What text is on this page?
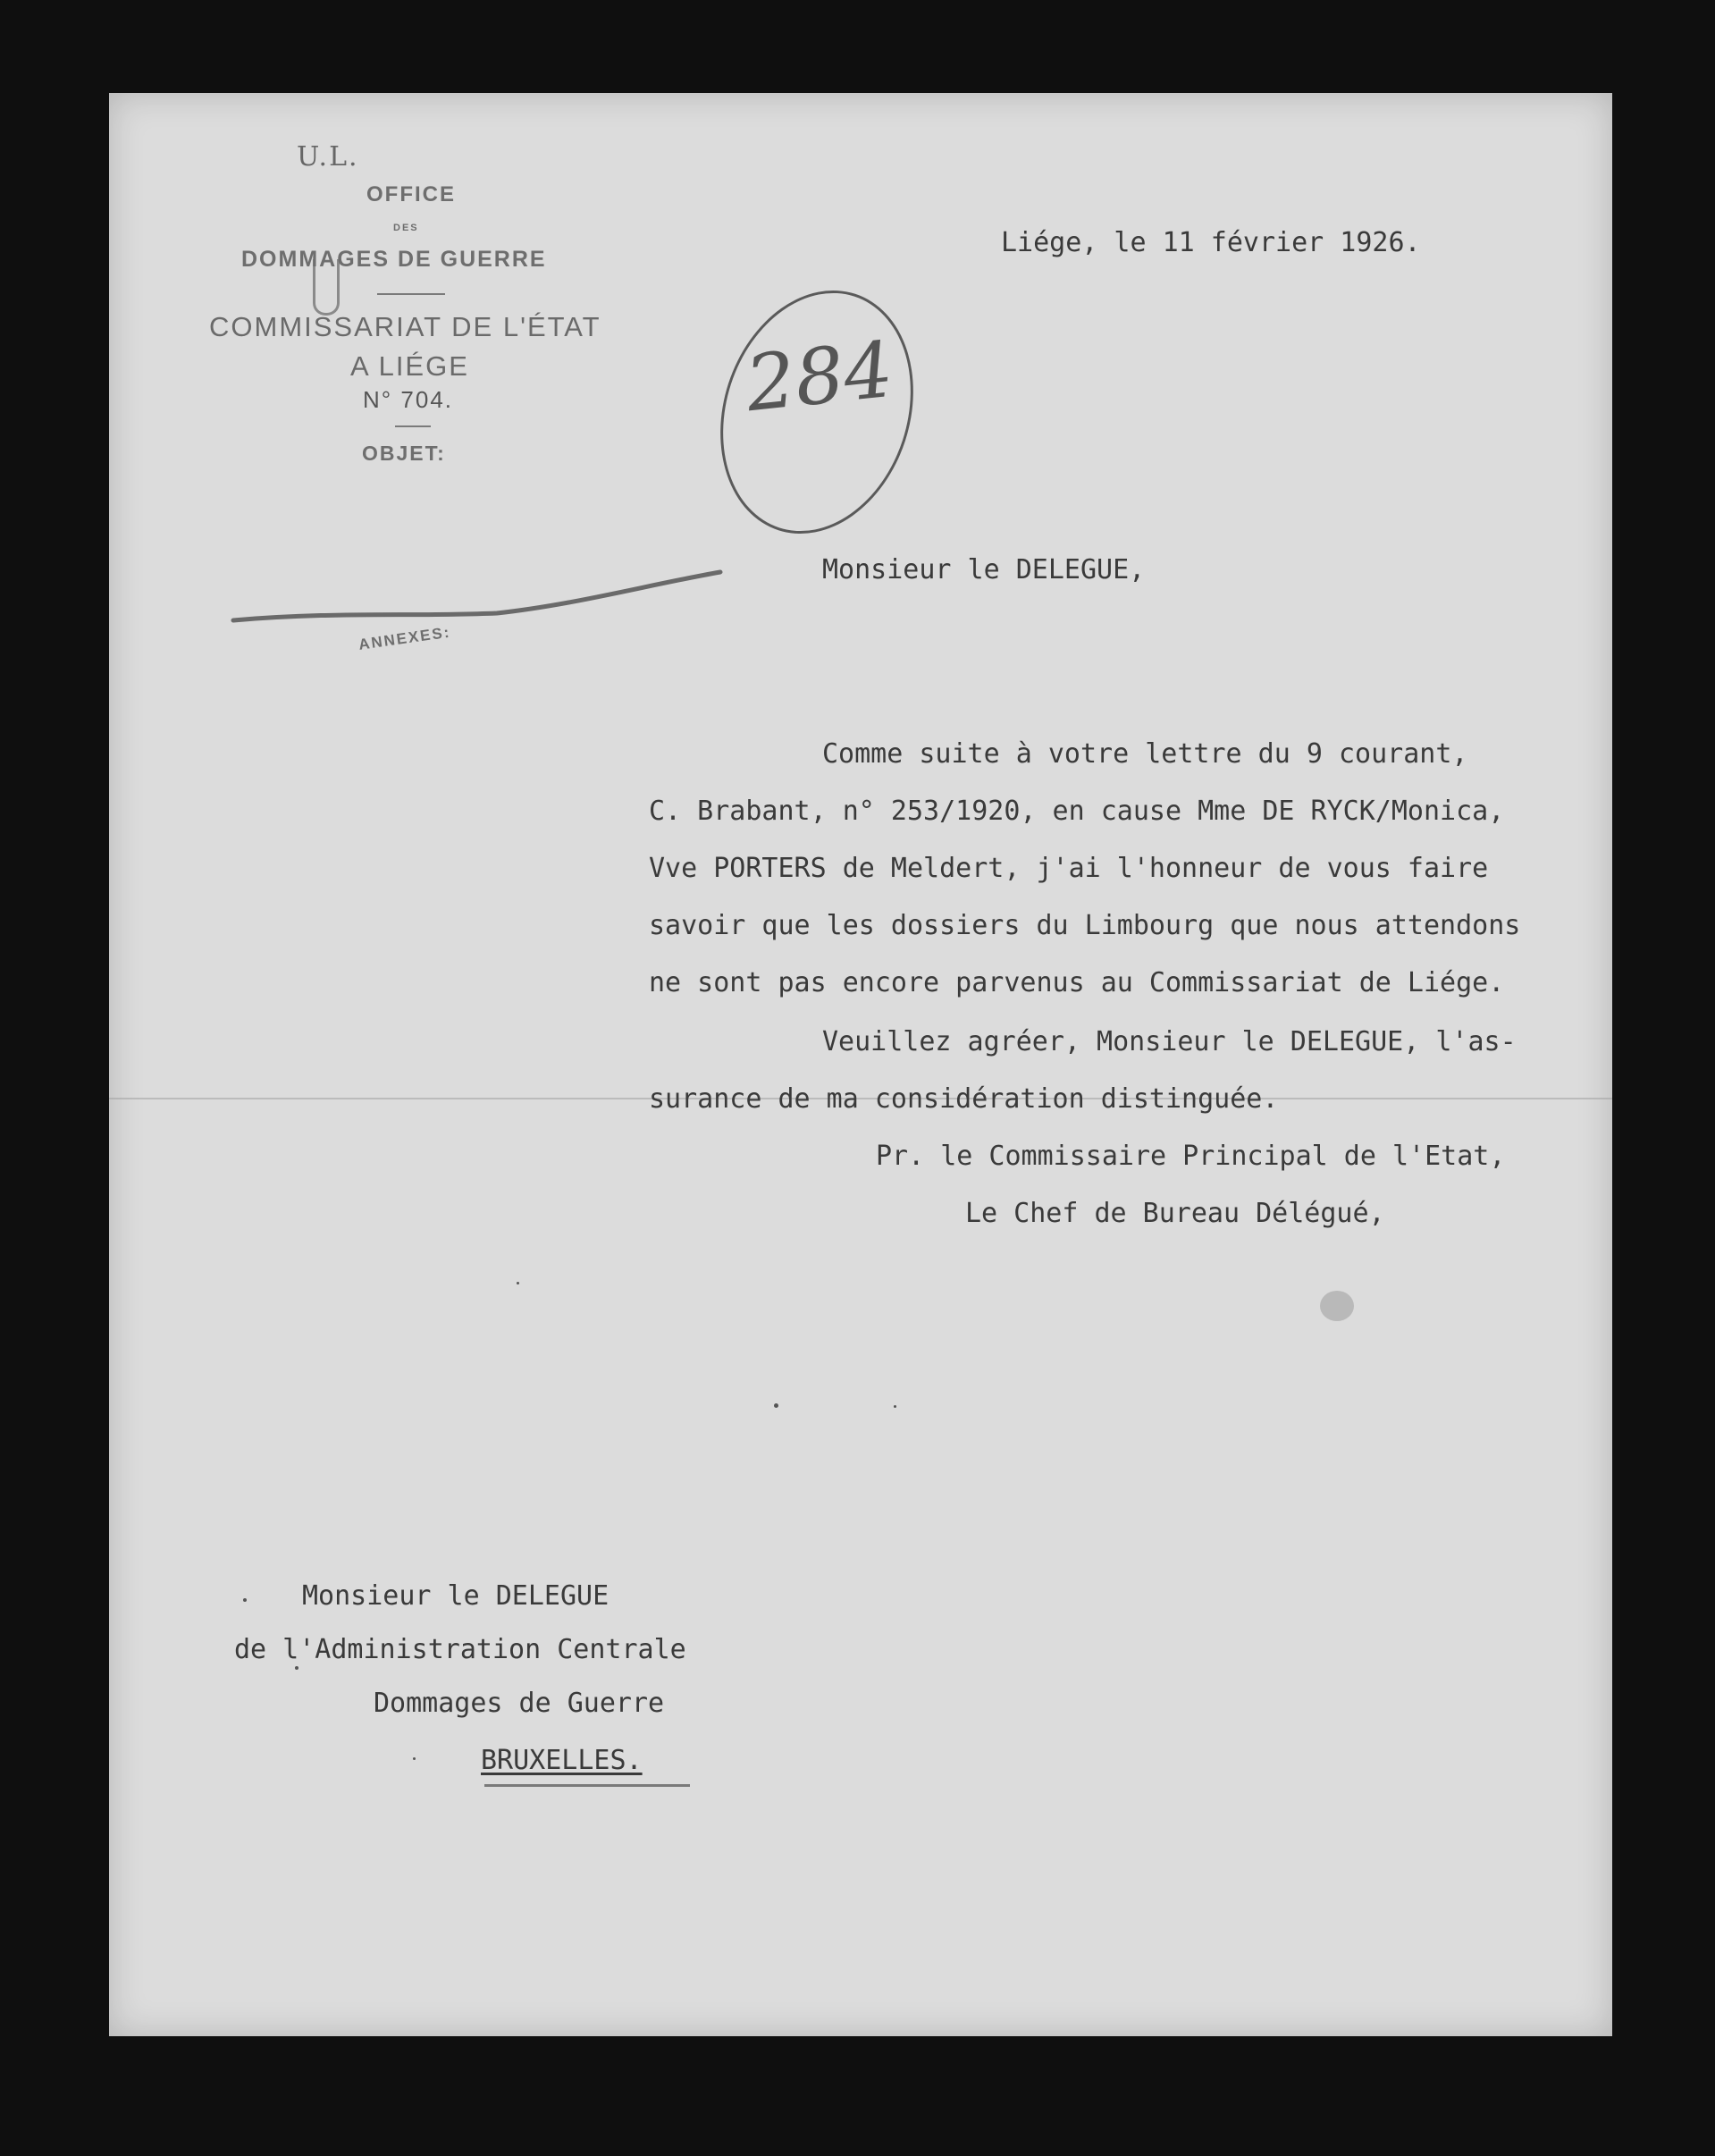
U.L.
OFFICE
DES
DOMMAGES DE GUERRE
COMMISSARIAT DE L'ÉTAT
A LIÉGE
N° 704.
OBJET:
ANNEXES:
Liége, le 11 février 1926.
284
Monsieur le DELEGUE,
Comme suite à votre lettre du 9 courant,
C. Brabant, n° 253/1920, en cause Mme DE RYCK/Monica,
Vve PORTERS de Meldert, j'ai l'honneur de vous faire
savoir que les dossiers du Limbourg que nous attendons
ne sont pas encore parvenus au Commissariat de Liége.
Veuillez agréer, Monsieur le DELEGUE, l'as-
surance de ma considération distinguée.
Pr. le Commissaire Principal de l'Etat,
Le Chef de Bureau Délégué,
Monsieur le DELEGUE
de l'Administration Centrale
Dommages de Guerre
BRUXELLES.
